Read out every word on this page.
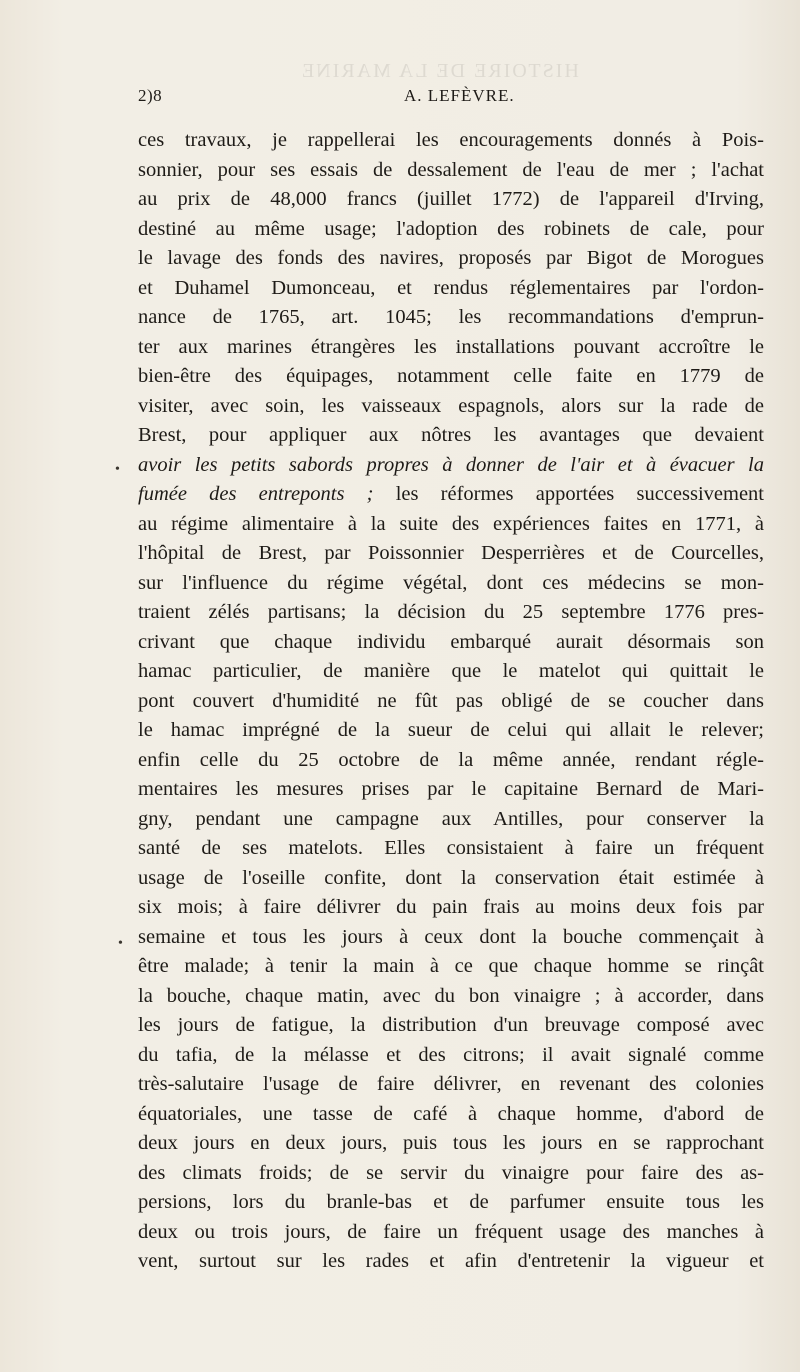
HISTOIRE DE LA MARINE
2)8	A. LEFÈVRE.
•
•
ces travaux, je rappellerai les encouragements donnés à Pois-
sonnier, pour ses essais de dessalement de l'eau de mer ; l'achat
au prix de 48,000 francs (juillet 1772) de l'appareil d'Irving,
destiné au même usage; l'adoption des robinets de cale, pour
le lavage des fonds des navires, proposés par Bigot de Morogues
et Duhamel Dumonceau, et rendus réglementaires par l'ordon-
nance de 1765, art. 1045; les recommandations d'emprun-
ter aux marines étrangères les installations pouvant accroître le
bien-être des équipages, notamment celle faite en 1779 de
visiter, avec soin, les vaisseaux espagnols, alors sur la rade de
Brest, pour appliquer aux nôtres les avantages que devaient
avoir les petits sabords propres à donner de l'air et à évacuer la
fumée des entreponts ; les réformes apportées successivement
au régime alimentaire à la suite des expériences faites en 1771, à
l'hôpital de Brest, par Poissonnier Desperrières et de Courcelles,
sur l'influence du régime végétal, dont ces médecins se mon-
traient zélés partisans; la décision du 25 septembre 1776 pres-
crivant que chaque individu embarqué aurait désormais son
hamac particulier, de manière que le matelot qui quittait le
pont couvert d'humidité ne fût pas obligé de se coucher dans
le hamac imprégné de la sueur de celui qui allait le relever;
enfin celle du 25 octobre de la même année, rendant régle-
mentaires les mesures prises par le capitaine Bernard de Mari-
gny, pendant une campagne aux Antilles, pour conserver la
santé de ses matelots. Elles consistaient à faire un fréquent
usage de l'oseille confite, dont la conservation était estimée à
six mois; à faire délivrer du pain frais au moins deux fois par
semaine et tous les jours à ceux dont la bouche commençait à
être malade; à tenir la main à ce que chaque homme se rinçât
la bouche, chaque matin, avec du bon vinaigre ; à accorder, dans
les jours de fatigue, la distribution d'un breuvage composé avec
du tafia, de la mélasse et des citrons; il avait signalé comme
très-salutaire l'usage de faire délivrer, en revenant des colonies
équatoriales, une tasse de café à chaque homme, d'abord de
deux jours en deux jours, puis tous les jours en se rapprochant
des climats froids; de se servir du vinaigre pour faire des as-
persions, lors du branle-bas et de parfumer ensuite tous les
deux ou trois jours, de faire un fréquent usage des manches à
vent, surtout sur les rades et afin d'entretenir la vigueur et
